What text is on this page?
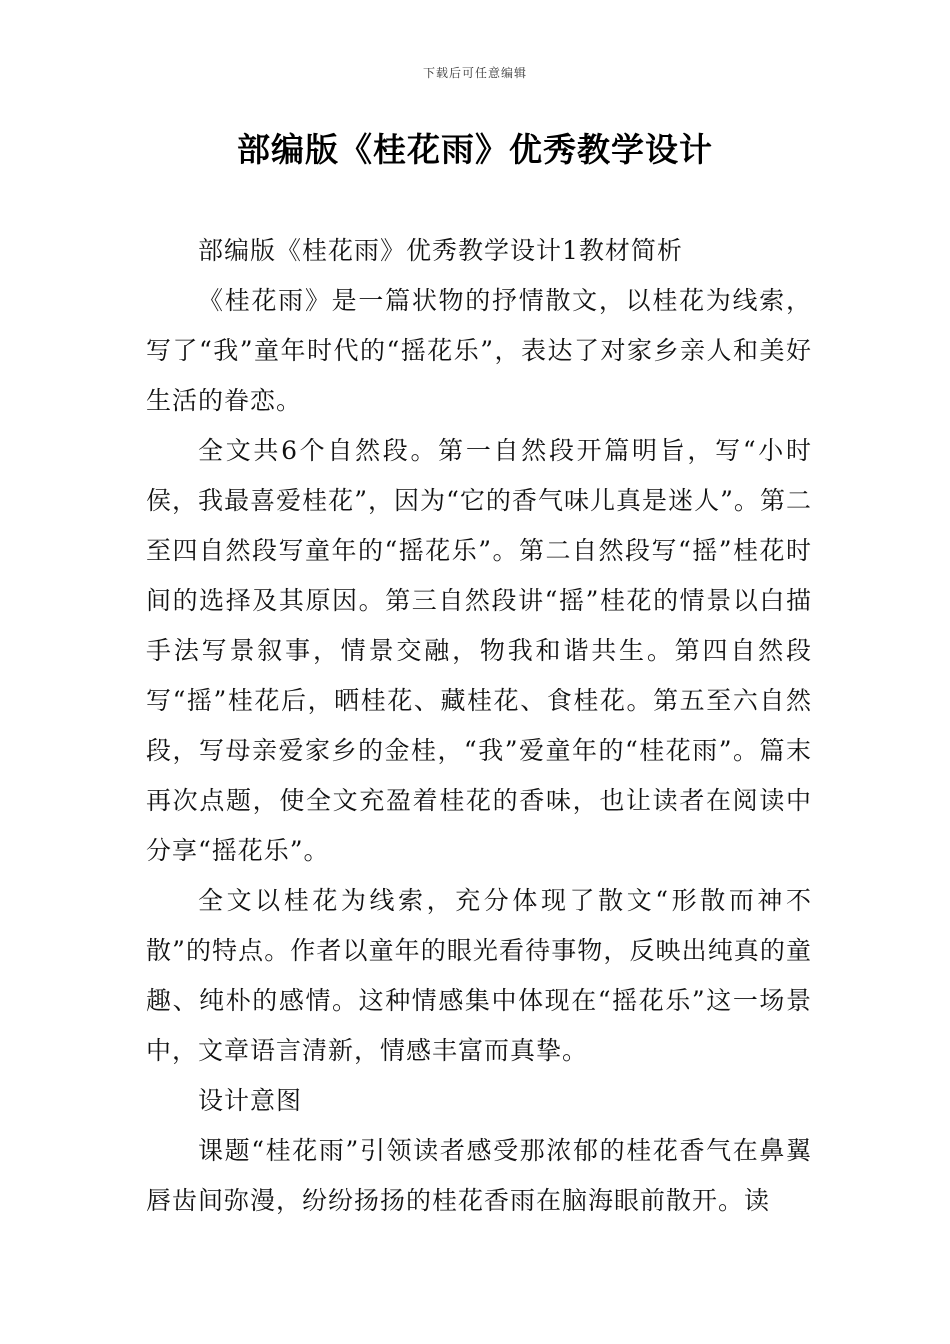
下载后可任意编辑
部编版《桂花雨》优秀教学设计

部编版《桂花雨》优秀教学设计1教材简析

《桂花雨》是一篇状物的抒情散文，以桂花为线索，写了“我”童年时代的“摇花乐”，表达了对家乡亲人和美好生活的眷恋。

全文共6个自然段。第一自然段开篇明旨，写“小时侯，我最喜爱桂花”，因为“它的香气味儿真是迷人”。第二至四自然段写童年的“摇花乐”。第二自然段写“摇”桂花时间的选择及其原因。第三自然段讲“摇”桂花的情景以白描手法写景叙事，情景交融，物我和谐共生。第四自然段写“摇”桂花后，晒桂花、藏桂花、食桂花。第五至六自然段，写母亲爱家乡的金桂，“我”爱童年的“桂花雨”。篇末再次点题，使全文充盈着桂花的香味，也让读者在阅读中分享“摇花乐”。

全文以桂花为线索，充分体现了散文“形散而神不散”的特点。作者以童年的眼光看待事物，反映出纯真的童趣、纯朴的感情。这种情感集中体现在“摇花乐”这一场景中，文章语言清新，情感丰富而真挚。

设计意图

课题“桂花雨”引领读者感受那浓郁的桂花香气在鼻翼唇齿间弥漫，纷纷扬扬的桂花香雨在脑海眼前散开。读
